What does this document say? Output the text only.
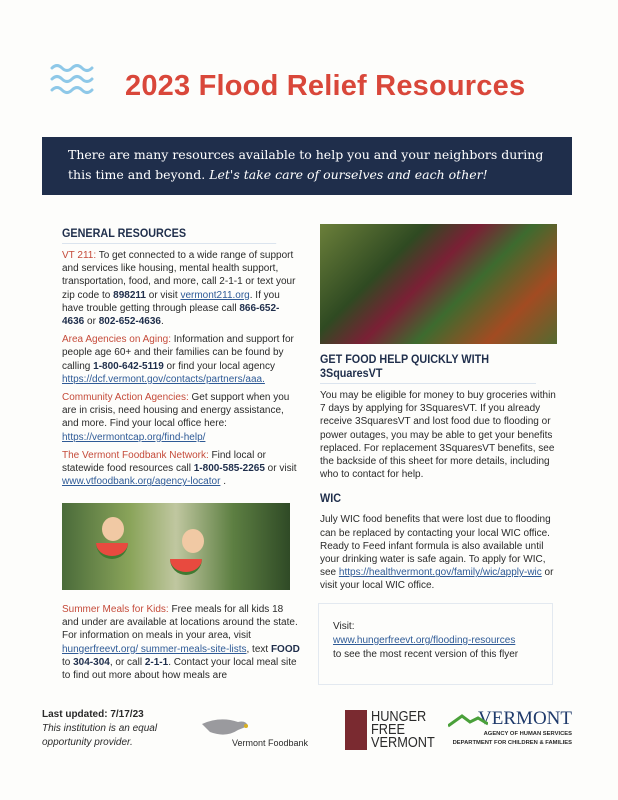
2023 Flood Relief Resources
There are many resources available to help you and your neighbors during this time and beyond. Let's take care of ourselves and each other!
GENERAL RESOURCES

VT 211: To get connected to a wide range of support and services like housing, mental health support, transportation, food, and more, call 2-1-1 or text your zip code to 898211 or visit vermont211.org. If you have trouble getting through please call 866-652-4636 or 802-652-4636.

Area Agencies on Aging: Information and support for people age 60+ and their families can be found by calling 1-800-642-5119 or find your local agency https://dcf.vermont.gov/contacts/partners/aaa.

Community Action Agencies: Get support when you are in crisis, need housing and energy assistance, and more. Find your local office here: https://vermontcap.org/find-help/

The Vermont Foodbank Network: Find local or statewide food resources call 1-800-585-2265 or visit www.vtfoodbank.org/agency-locator .

GET FOOD HELP QUICKLY WITH 3SquaresVT

You may be eligible for money to buy groceries within 7 days by applying for 3SquaresVT. If you already receive 3SquaresVT and lost food due to flooding or power outages, you may be able to get your benefits replaced. For replacement 3SquaresVT benefits, see the backside of this sheet for more details, including who to contact for help.

WIC

July WIC food benefits that were lost due to flooding can be replaced by contacting your local WIC office. Ready to Feed infant formula is also available until your drinking water is safe again. To apply for WIC, see https://healthvermont.gov/family/wic/apply-wic or visit your local WIC office.

Summer Meals for Kids: Free meals for all kids 18 and under are available at locations around the state. For information on meals in your area, visit hungerfreevt.org/ summer-meals-site-lists, text FOOD to 304-304, or call 2-1-1. Contact your local meal site to find out more about how meals are

Visit:
www.hungerfreevt.org/flooding-resources
to see the most recent version of this flyer
Last updated: 7/17/23
This institution is an equal opportunity provider.	Vermont Foodbank
HUNGER
FREE
VERMONT
VERMONT
AGENCY OF HUMAN SERVICES
DEPARTMENT FOR CHILDREN & FAMILIES
